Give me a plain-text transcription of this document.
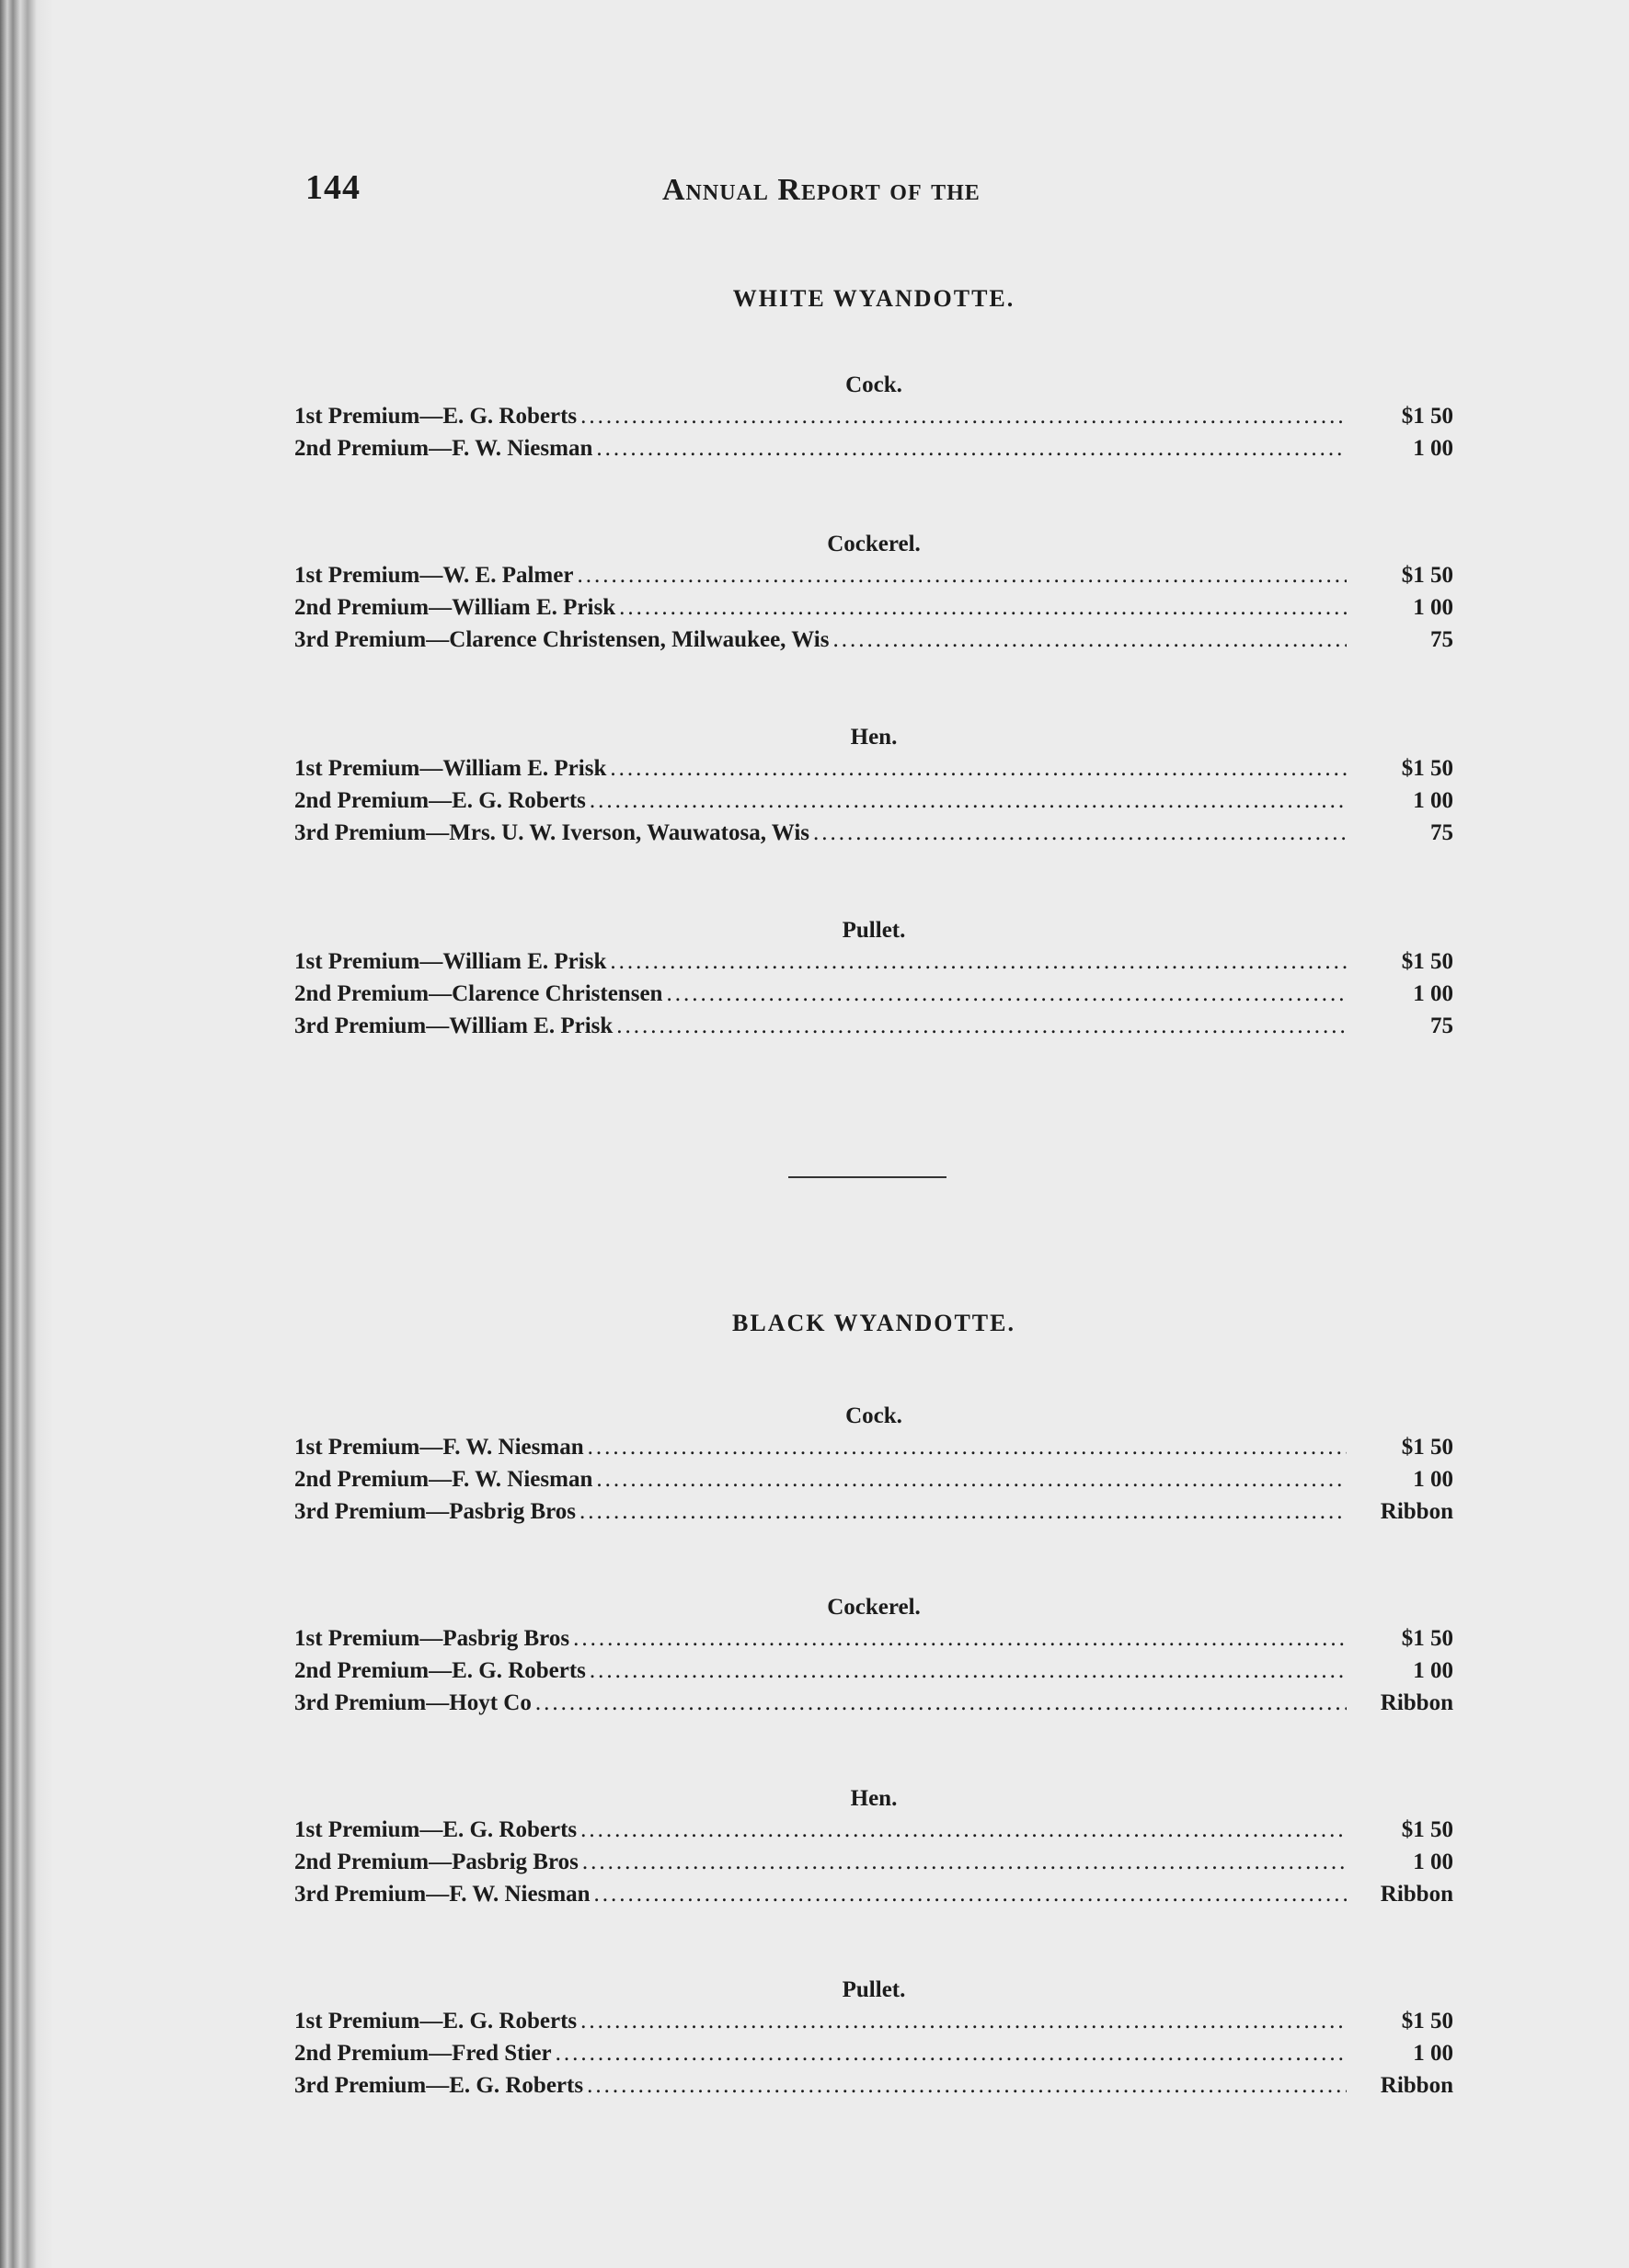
144	Annual Report of the
WHITE WYANDOTTE.
Cock.
1st Premium—E. G. Roberts .....	$1 50
2nd Premium—F. W. Niesman .....	1 00
Cockerel.
1st Premium—W. E. Palmer .....	$1 50
2nd Premium—William E. Prisk .....	1 00
3rd Premium—Clarence Christensen, Milwaukee, Wis .....	75
Hen.
1st Premium—William E. Prisk .....	$1 50
2nd Premium—E. G. Roberts .....	1 00
3rd Premium—Mrs. U. W. Iverson, Wauwatosa, Wis .....	75
Pullet.
1st Premium—William E. Prisk .....	$1 50
2nd Premium—Clarence Christensen .....	1 00
3rd Premium—William E. Prisk .....	75
BLACK WYANDOTTE.
Cock.
1st Premium—F. W. Niesman .....	$1 50
2nd Premium—F. W. Niesman .....	1 00
3rd Premium—Pasbrig Bros .....	Ribbon
Cockerel.
1st Premium—Pasbrig Bros .....	$1 50
2nd Premium—E. G. Roberts .....	1 00
3rd Premium—Hoyt Co .....	Ribbon
Hen.
1st Premium—E. G. Roberts .....	$1 50
2nd Premium—Pasbrig Bros .....	1 00
3rd Premium—F. W. Niesman .....	Ribbon
Pullet.
1st Premium—E. G. Roberts .....	$1 50
2nd Premium—Fred Stier .....	1 00
3rd Premium—E. G. Roberts .....	Ribbon
